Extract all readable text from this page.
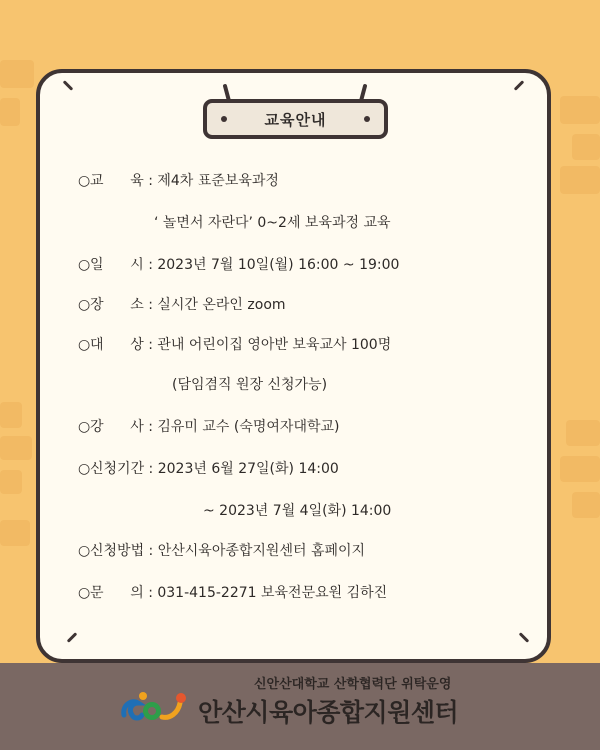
교육안내
○교      육 : 제4차 표준보육과정
‘ 놀면서 자란다’ 0~2세 보육과정 교육
○일      시 : 2023년 7월 10일(월) 16:00 ~ 19:00
○장      소 : 실시간 온라인 zoom
○대      상 : 관내 어린이집 영아반 보육교사 100명
(담임겸직 원장 신청가능)
○강      사 : 김유미 교수 (숙명여자대학교)
○신청기간 : 2023년 6월 27일(화) 14:00
~ 2023년 7월 4일(화) 14:00
○신청방법 : 안산시육아종합지원센터 홈페이지
○문      의 : 031-415-2271 보육전문요원 김하진
신안산대학교 산학협력단 위탁운영
안산시육아종합지원센터
